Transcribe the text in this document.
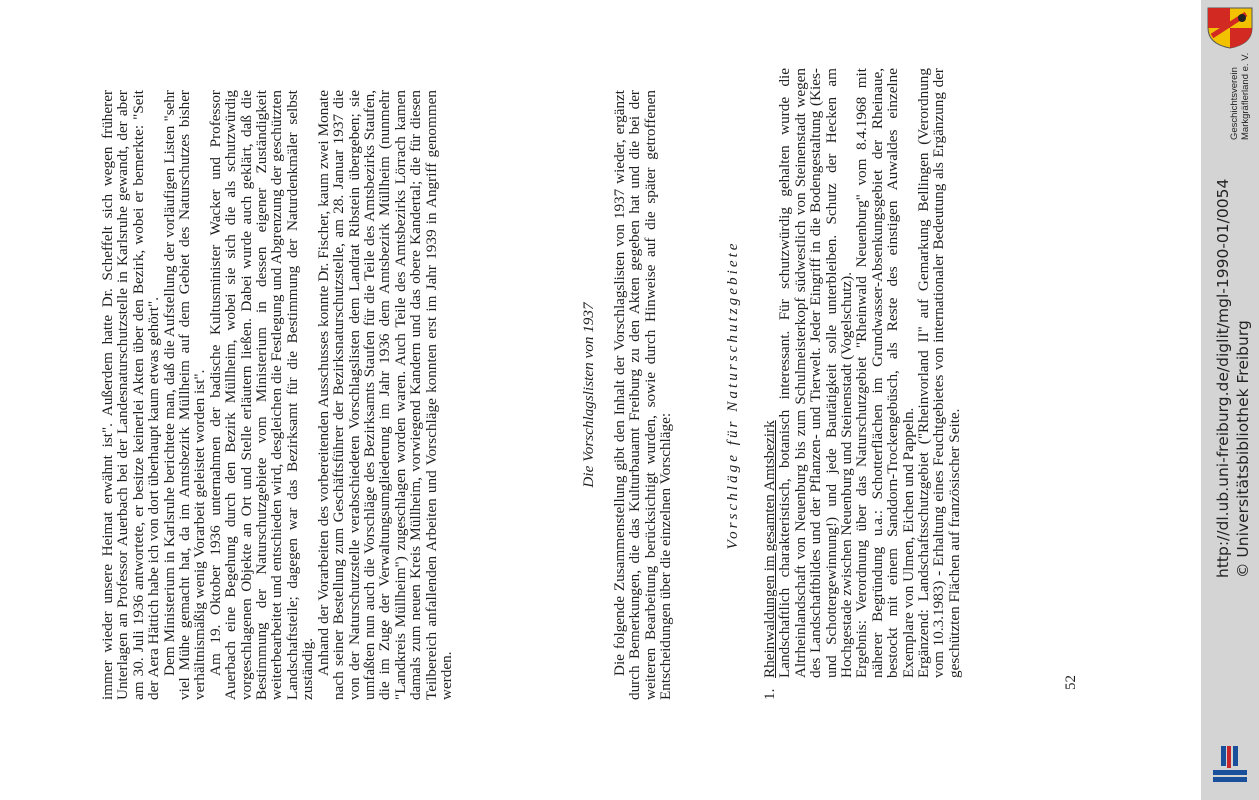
immer wieder unsere Heimat erwähnt ist". Außerdem hatte Dr. Scheffelt sich wegen früherer Unterlagen an Professor Auerbach bei der Landesnaturschutzstelle in Karlsruhe gewandt, der aber am 30. Juli 1936 antwortete, er besitze keinerlei Akten über den Bezirk, wobei er bemerkte: "Seit der Aera Hättich habe ich von dort überhaupt kaum etwas gehört".

Dem Ministerium in Karlsruhe berichtete man, daß die Aufstellung der vorläufigen Listen "sehr viel Mühe gemacht hat, da im Amtsbezirk Müllheim auf dem Gebiet des Naturschutzes bisher verhältnismäßig wenig Vorarbeit geleistet worden ist".

Am 19. Oktober 1936 unternahmen der badische Kultusminister Wacker und Professor Auerbach eine Begehung durch den Bezirk Müllheim, wobei sie sich die als schutzwürdig vorgeschlagenen Objekte an Ort und Stelle erläutern ließen. Dabei wurde auch geklärt, daß die Bestimmung der Naturschutzgebiete vom Ministerium in dessen eigener Zuständigkeit weiterbearbeitet und entschieden wird, desgleichen die Festlegung und Abgrenzung der geschützten Landschaftsteile; dagegen war das Bezirksamt für die Bestimmung der Naturdenkmäler selbst zuständig.

Anhand der Vorarbeiten des vorbereitenden Ausschusses konnte Dr. Fischer, kaum zwei Monate nach seiner Bestellung zum Geschäftsführer der Bezirksnaturschutzstelle, am 28. Januar 1937 die von der Naturschutzstelle verabschiedeten Vorschlagslisten dem Landrat Ribstein übergeben; sie umfaßten nun auch die Vorschläge des Bezirksamts Staufen für die Teile des Amtsbezirks Staufen, die im Zuge der Verwaltungsumgliederung im Jahr 1936 dem Amtsbezirk Müllheim (nunmehr "Landkreis Müllheim") zugeschlagen worden waren. Auch Teile des Amtsbezirks Lörrach kamen damals zum neuen Kreis Müllheim, vorwiegend Kandern und das obere Kandertal; die für diesen Teilbereich anfallenden Arbeiten und Vorschläge konnten erst im Jahr 1939 in Angriff genommen werden.

Die Vorschlagslisten von 1937 Die folgende Zusammenstellung gibt den Inhalt der Vorschlagslisten von 1937 wieder, ergänzt durch Bemerkungen, die das Kulturbauamt Freiburg zu den Akten gegeben hat und die bei der weiteren Bearbeitung berücksichtigt wurden, sowie durch Hinweise auf die später getroffenen Entscheidungen über die einzelnen Vorschläge:

Vorschläge für Naturschutzgebiete

1.

Rheinwaldungen im gesamten Amtsbezirk

Landschaftlich charakteristisch, botanisch interessant. Für schutzwürdig gehalten wurde die Altrheinlandschaft von Neuenburg bis zum Schulmeisterkopf südwestlich von Steinenstadt wegen des Landschaftbildes und der Pflanzen- und Tierwelt. Jeder Eingriff in die Bodengestaltung (Kies- und Schottergewinnung!) und jede Bautätigkeit solle unterbleiben. Schutz der Hecken am Hochgestade zwischen Neuenburg und Steinenstadt (Vogelschutz).

Ergebnis: Verordnung über das Naturschutzgebiet "Rheinwald Neuenburg" vom 8.4.1968 mit näherer Begründung u.a.: Schotterflächen im Grundwasser-Absenkungsgebiet der Rheinaue, bestockt mit einem Sanddorn-Trockengebüsch, als Reste des einstigen Auwaldes einzelne Exemplare von Ulmen, Eichen und Pappeln.

Ergänzend: Landschaftsschutzgebiet ("Rheinvorland II" auf Gemarkung Bellingen (Verordnung vom 10.3.1983) - Erhaltung eines Feuchtgebietes von internationaler Bedeutung als Ergänzung der geschützten Flächen auf französischer Seite.

52
http://dl.ub.uni-freiburg.de/diglit/mgl-1990-01/0054 © Universitätsbibliothek Freiburg
Geschichtsverein Markgräflerland e. V.
